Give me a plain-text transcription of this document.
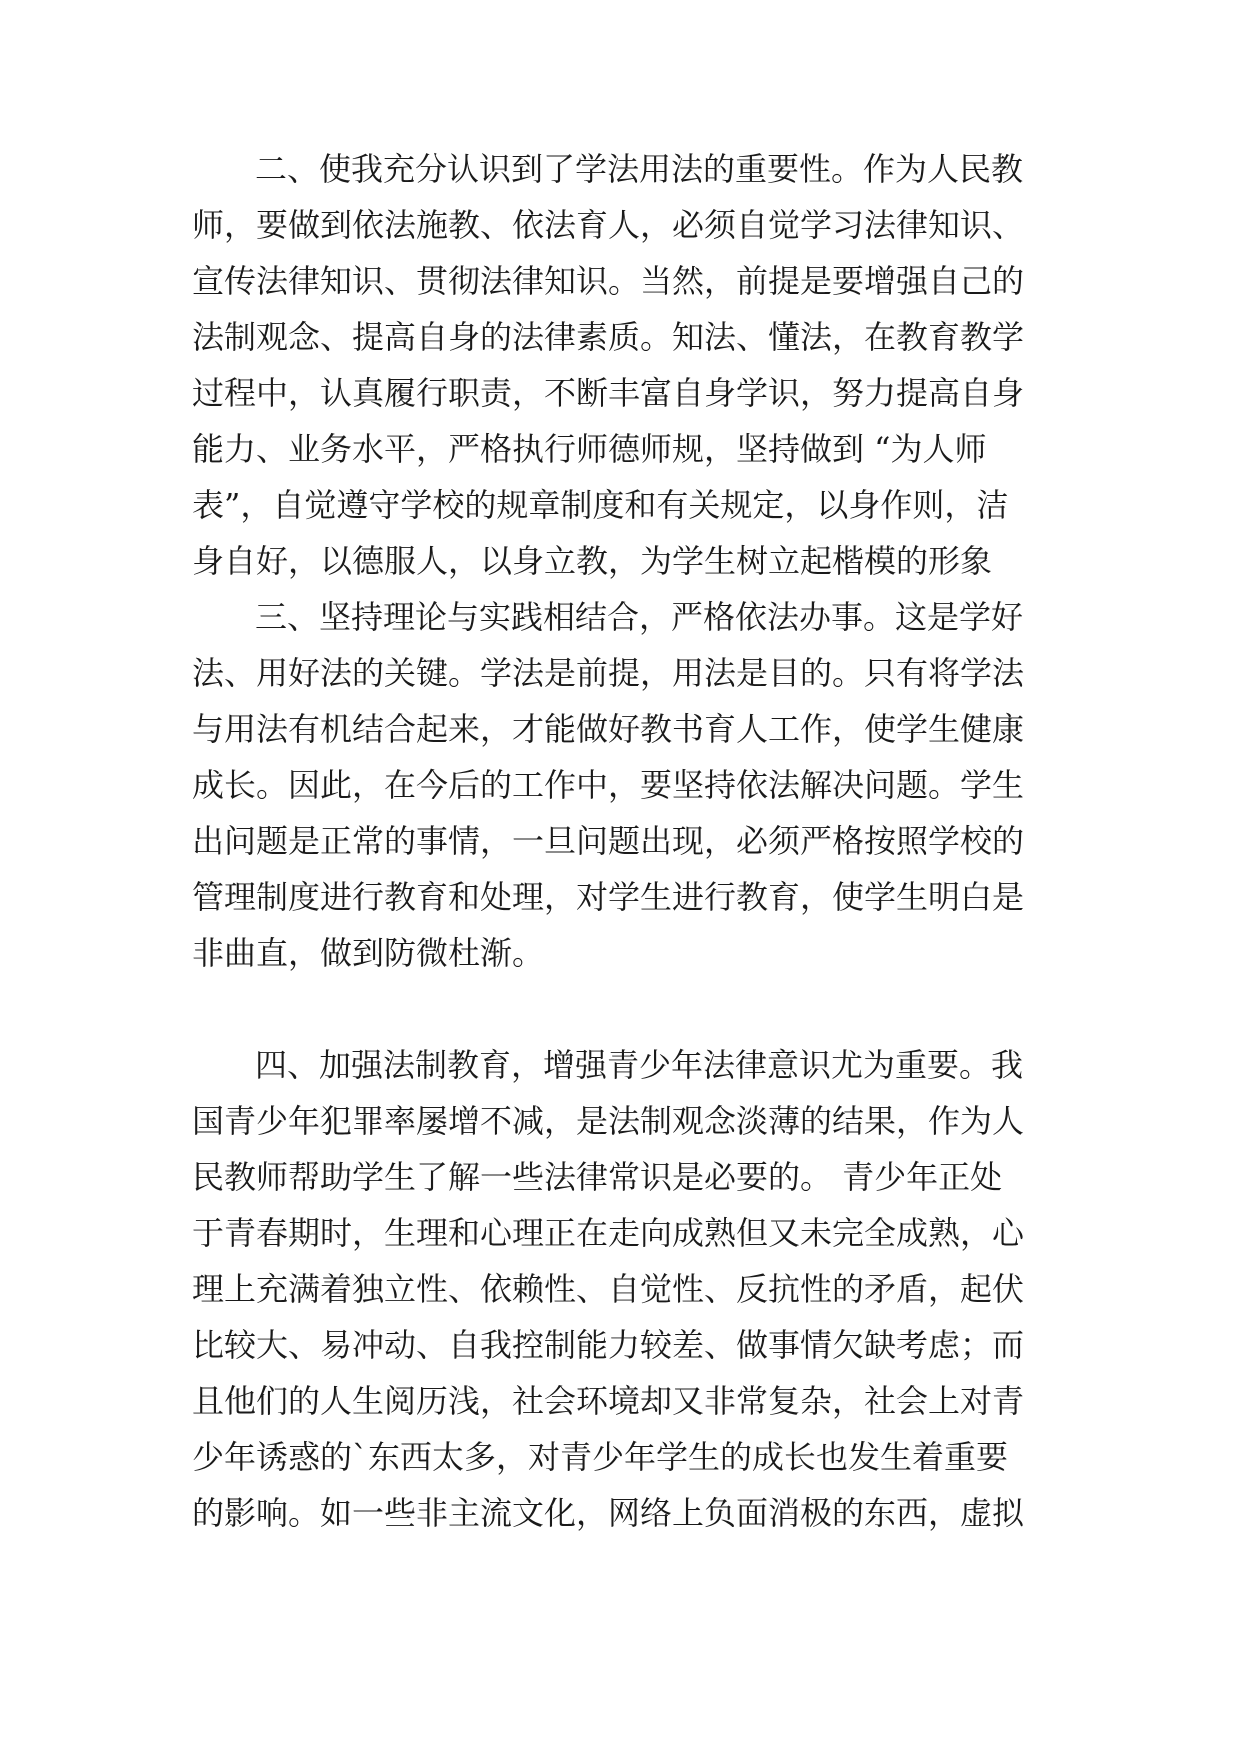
二、使我充分认识到了学法用法的重要性。作为人民教
师，要做到依法施教、依法育人，必须自觉学习法律知识、
宣传法律知识、贯彻法律知识。当然，前提是要增强自己的
法制观念、提高自身的法律素质。知法、懂法，在教育教学
过程中，认真履行职责，不断丰富自身学识，努力提高自身
能力、业务水平，严格执行师德师规，坚持做到 “为人师
表”，自觉遵守学校的规章制度和有关规定，以身作则，洁
身自好，以德服人，以身立教，为学生树立起楷模的形象
三、坚持理论与实践相结合，严格依法办事。这是学好
法、用好法的关键。学法是前提，用法是目的。只有将学法
与用法有机结合起来，才能做好教书育人工作，使学生健康
成长。因此，在今后的工作中，要坚持依法解决问题。学生
出问题是正常的事情，一旦问题出现，必须严格按照学校的
管理制度进行教育和处理，对学生进行教育，使学生明白是
非曲直，做到防微杜渐。
四、加强法制教育，增强青少年法律意识尤为重要。我
国青少年犯罪率屡增不减，是法制观念淡薄的结果，作为人
民教师帮助学生了解一些法律常识是必要的。 青少年正处
于青春期时，生理和心理正在走向成熟但又未完全成熟，心
理上充满着独立性、依赖性、自觉性、反抗性的矛盾，起伏
比较大、易冲动、自我控制能力较差、做事情欠缺考虑；而
且他们的人生阅历浅，社会环境却又非常复杂，社会上对青
少年诱惑的`东西太多，对青少年学生的成长也发生着重要
的影响。如一些非主流文化，网络上负面消极的东西，虚拟
